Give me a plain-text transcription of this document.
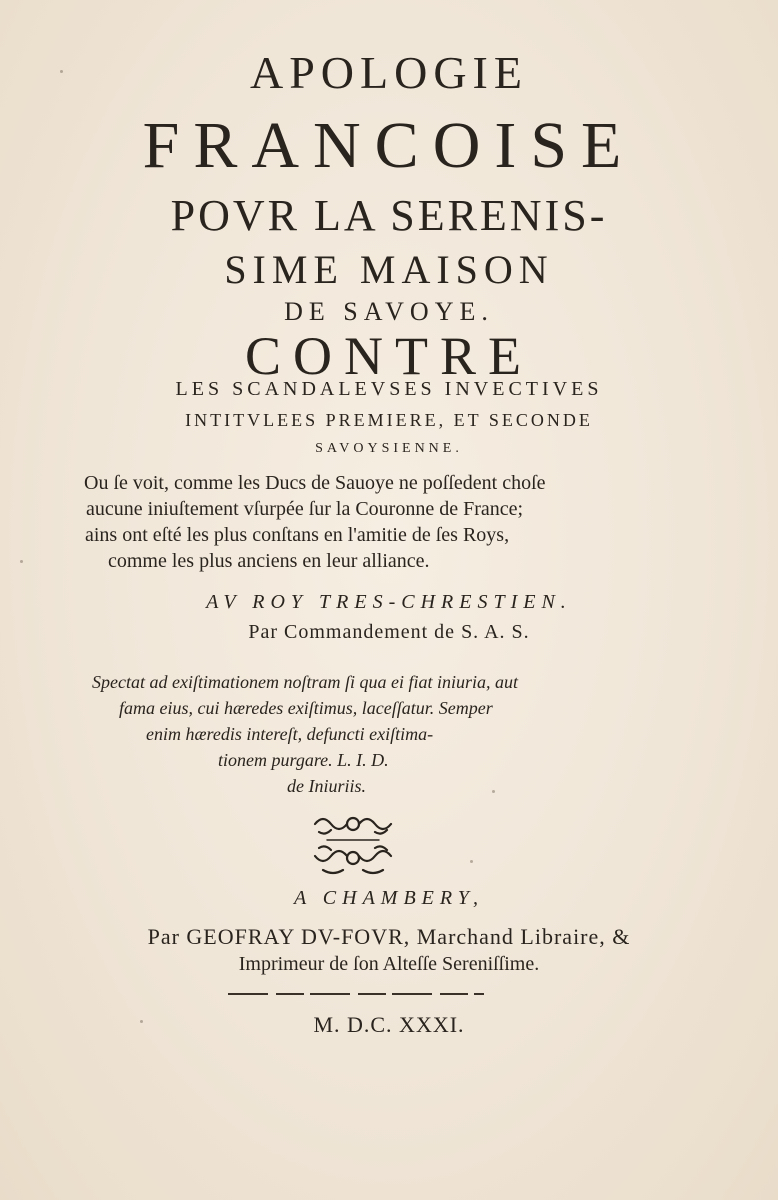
APOLOGIE
FRANCOISE
POVR LA SERENIS-
SIME MAISON
DE SAVOYE.
CONTRE
LES SCANDALEVSES INVECTIVES
INTITVLEES PREMIERE, ET SECONDE
SAVOYSIENNE.
Ou ſe voit, comme les Ducs de Sauoye ne poſſedent choſe
aucune iniuſtement vſurpée ſur la Couronne de France;
ains ont eſté les plus conſtans en l'amitie de ſes Roys,
comme les plus anciens en leur alliance.
AV ROY TRES-CHRESTIEN.
Par Commandement de S. A. S.
Spectat ad exiſtimationem noſtram ſi qua ei fiat iniuria, aut
fama eius, cui hæredes exiſtimus, laceſſatur. Semper
enim hæredis intereſt, defuncti exiſtima-
tionem purgare. L. I. D.
de Iniuriis.
A CHAMBERY,
Par GEOFRAY DV-FOVR, Marchand Libraire, &
Imprimeur de ſon Alteſſe Sereniſſime.
M. D.C. XXXI.
